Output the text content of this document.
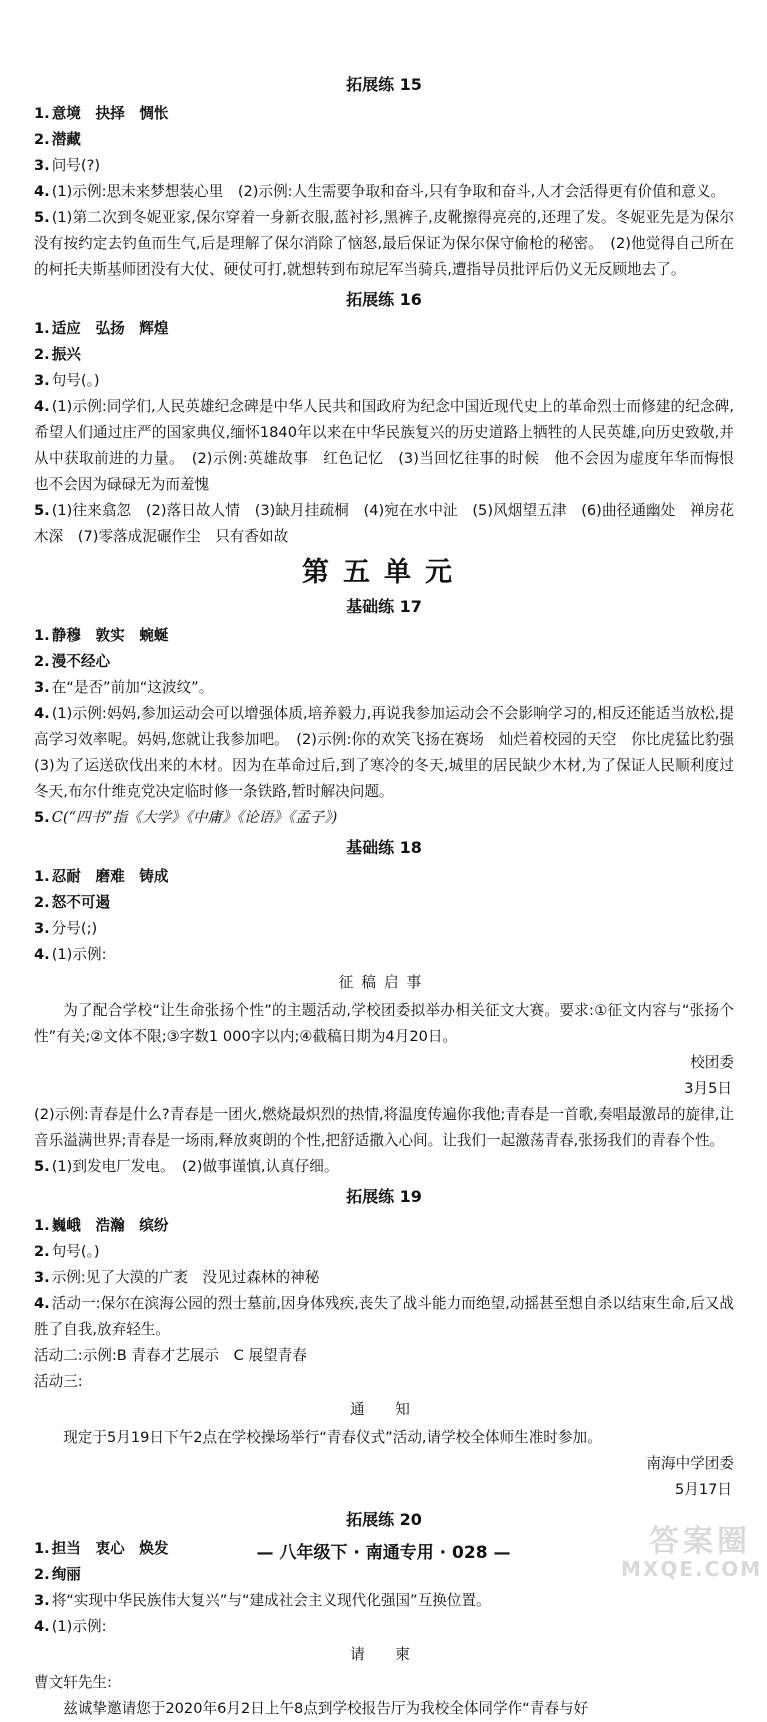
拓展练 15

1. 意境　抉择　惆怅

2. 潜藏

3. 问号(?)

4. (1)示例:思未来梦想装心里　(2)示例:人生需要争取和奋斗,只有争取和奋斗,人才会活得更有价值和意义。

5. (1)第二次到冬妮亚家,保尔穿着一身新衣服,蓝衬衫,黑裤子,皮靴擦得亮亮的,还理了发。冬妮亚先是为保尔没有按约定去钓鱼而生气,后是理解了保尔消除了恼怒,最后保证为保尔保守偷枪的秘密。　(2)他觉得自己所在的柯托夫斯基师团没有大仗、硬仗可打,就想转到布琼尼军当骑兵,遭指导员批评后仍义无反顾地去了。

拓展练 16

1. 适应　弘扬　辉煌

2. 振兴

3. 句号(。)

4. (1)示例:同学们,人民英雄纪念碑是中华人民共和国政府为纪念中国近现代史上的革命烈士而修建的纪念碑,希望人们通过庄严的国家典仪,缅怀1840年以来在中华民族复兴的历史道路上牺牲的人民英雄,向历史致敬,并从中获取前进的力量。　(2)示例:英雄故事　红色记忆　(3)当回忆往事的时候　他不会因为虚度年华而悔恨　也不会因为碌碌无为而羞愧

5. (1)往来翕忽　(2)落日故人情　(3)缺月挂疏桐　(4)宛在水中沚　(5)风烟望五津　(6)曲径通幽处　禅房花木深　(7)零落成泥碾作尘　只有香如故

第五单元
基础练 17

1. 静穆　敦实　蜿蜒

2. 漫不经心

3. 在“是否”前加“这波纹”。

4. (1)示例:妈妈,参加运动会可以增强体质,培养毅力,再说我参加运动会不会影响学习的,相反还能适当放松,提高学习效率呢。妈妈,您就让我参加吧。　(2)示例:你的欢笑飞扬在赛场　灿烂着校园的天空　你比虎猛比豹强　(3)为了运送砍伐出来的木材。因为在革命过后,到了寒冷的冬天,城里的居民缺少木材,为了保证人民顺利度过冬天,布尔什维克党决定临时修一条铁路,暂时解决问题。

5. C(“四书”指《大学》《中庸》《论语》《孟子》)

基础练 18

1. 忍耐　磨难　铸成

2. 怒不可遏

3. 分号(;)

4. (1)示例:

征稿启事
为了配合学校“让生命张扬个性”的主题活动,学校团委拟举办相关征文大赛。要求:①征文内容与“张扬个性”有关;②文体不限;③字数1 000字以内;④截稿日期为4月20日。
校团委
3月5日
(2)示例:青春是什么?青春是一团火,燃烧最炽烈的热情,将温度传遍你我他;青春是一首歌,奏唱最激昂的旋律,让音乐溢满世界;青春是一场雨,释放爽朗的个性,把舒适撒入心间。让我们一起激荡青春,张扬我们的青春个性。

5. (1)到发电厂发电。　(2)做事谨慎,认真仔细。

拓展练 19

1. 巍峨　浩瀚　缤纷

2. 句号(。)

3. 示例:见了大漠的广袤　没见过森林的神秘

4. 活动一:保尔在滨海公园的烈士墓前,因身体残疾,丧失了战斗能力而绝望,动摇甚至想自杀以结束生命,后又战胜了自我,放弃轻生。

活动二:示例:B 青春才艺展示　C 展望青春
活动三:
通　知
现定于5月19日下午2点在学校操场举行“青春仪式”活动,请学校全体师生准时参加。
南海中学团委
5月17日
拓展练 20

1. 担当　衷心　焕发

2. 绚丽

3. 将“实现中华民族伟大复兴”与“建成社会主义现代化强国”互换位置。

4. (1)示例:

请　柬
曹文轩先生:
兹诚挚邀请您于2020年6月2日上午8点到学校报告厅为我校全体同学作“青春与好
— 八年级下 · 南通专用 · 028 —	答案圈
MXQE.COM
